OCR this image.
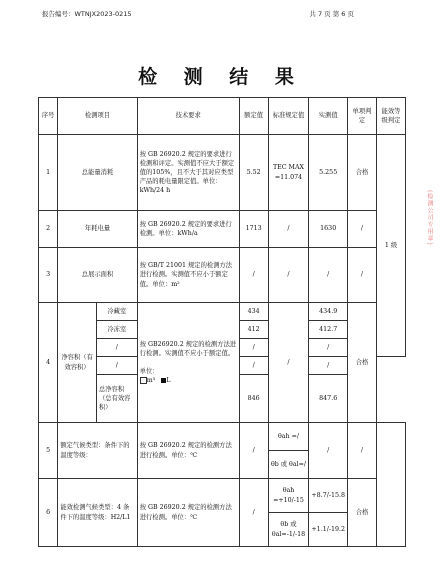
报告编号：WTNJX2023-0215	共 7 页 第 6 页
检 测 结 果
(检测公司专用章)
序号	检测项目		技术要求	额定值	标准规定值	实测值	单项判定	能效等级判定
1	总能量消耗		按 GB 26920.2 规定的要求进行检测和评定。实测值不应大于额定值的105%，且不大于其对应类型产品的耗电量限定值。单位：kWh/24 h	5.52	TEC MAX =11.074	5.255	合格	1 级
2	年耗电量		按 GB 26920.2 规定的要求进行检测。单位：kWh/a	1713	/	1630	/	
3	总展示面积		按 GB/T 21001 规定的检测方法进行检测。实测值不应小于额定值。单位：m²	/	/	/	/	
4	净容积（有效容积）	冷藏室	按 GB26920.2 规定的检测方法进行检测。实测值不应小于额定值。
单位：
m³ L	434	/	434.9	合格	
		冷冻室		412		412.7		
		/		/		/		
		/		/		/		
		总净容积（总有效容积）		846		847.6		
5	额定气候类型：条件下的温度等级：		按 GB 26920.2 规定的检测方法进行检测。单位：℃	/	θah =/	/	/	
					θb 或 θal=/			
6	能效检测气候类型：4 条件下的温度等级：H2/L1		按 GB 26920.2 规定的检测方法进行检测。单位：℃	/	θah =+10/-15	+8.7/-15.8	合格	
					θb 或 θal=-1/-18	+1.1/-19.2		
